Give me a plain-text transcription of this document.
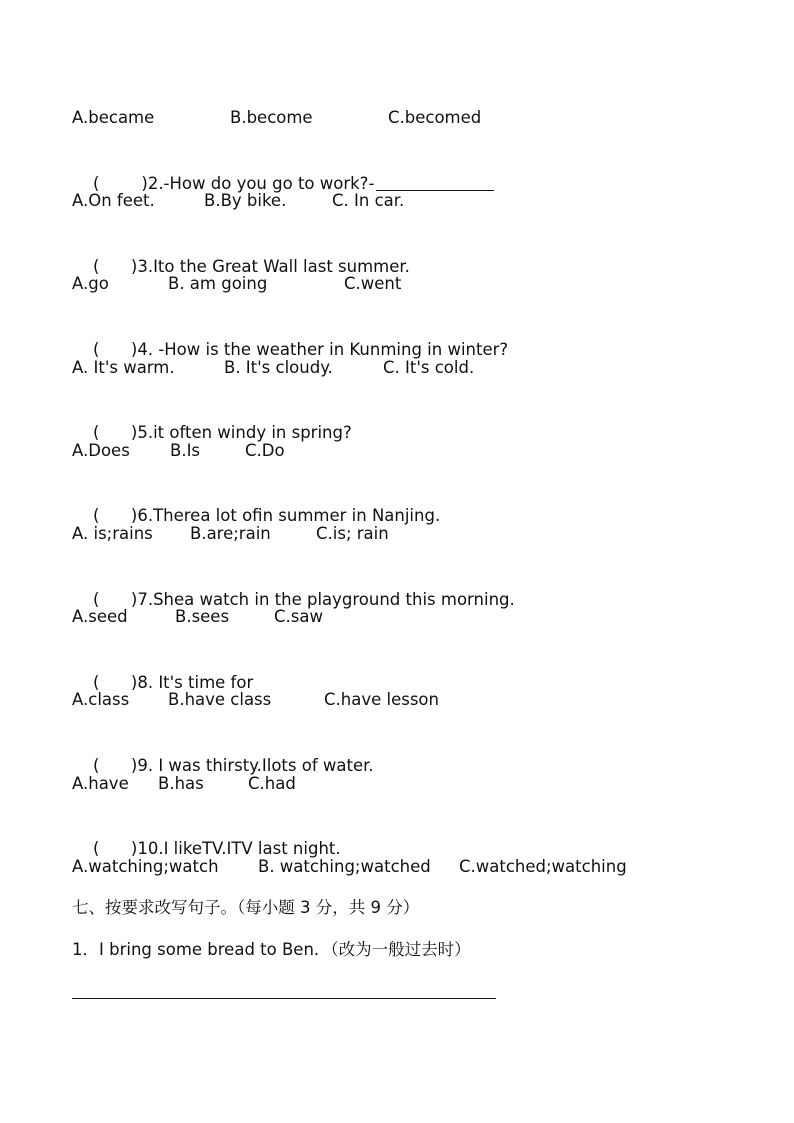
A.became

	B.become

	C.becomed

(        )2.-How do you go to work?-

A.On feet.

	B.By bike.

	C. In car.

(      )3.Ito the Great Wall last summer.

A.go

	B. am going

	C.went

(      )4. -How is the weather in Kunming in winter?

A. It's warm.

	B. It's cloudy.

	C. It's cold.

(      )5.it often windy in spring?

A.Does

B.Is

	C.Do

(      )6.Therea lot ofin summer in Nanjing.

A. is;rains

B.are;rain

	C.is; rain

(      )7.Shea watch in the playground this morning.

A.seed

	B.sees

	C.saw

(      )8. It's time for

A.class

B.have class

	C.have lesson

(      )9. I was thirsty.Ilots of water.

A.have

B.has

	C.had

(      )10.I likeTV.ITV last night.

A.watching;watch

B. watching;watched

C.watched;watching

七、按要求改写句子。（每小题 3 分，共 9 分）
1．I bring some bread to Ben．（改为一般过去时）
